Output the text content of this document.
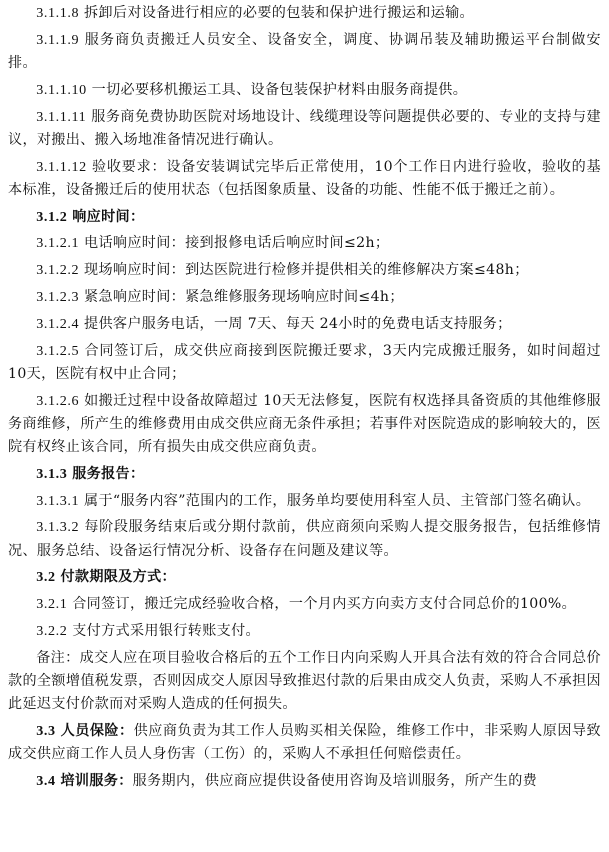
3.1.1.8 拆卸后对设备进行相应的必要的包装和保护进行搬运和运输。

3.1.1.9 服务商负责搬迁人员安全、设备安全，调度、协调吊装及辅助搬运平台制做安排。

3.1.1.10 一切必要移机搬运工具、设备包装保护材料由服务商提供。

3.1.1.11 服务商免费协助医院对场地设计、线缆理设等问题提供必要的、专业的支持与建议，对搬出、搬入场地准备情况进行确认。

3.1.1.12 验收要求：设备安装调试完毕后正常使用，10个工作日内进行验收，验收的基本标准，设备搬迁后的使用状态（包括图象质量、设备的功能、性能不低于搬迁之前）。

3.1.2 响应时间：

3.1.2.1 电话响应时间：接到报修电话后响应时间≤2h；

3.1.2.2 现场响应时间：到达医院进行检修并提供相关的维修解决方案≤48h；

3.1.2.3 紧急响应时间：紧急维修服务现场响应时间≤4h；

3.1.2.4 提供客户服务电话，一周 7天、每天 24小时的免费电话支持服务；

3.1.2.5 合同签订后，成交供应商接到医院搬迁要求，3天内完成搬迁服务，如时间超过 10天，医院有权中止合同；

3.1.2.6 如搬迁过程中设备故障超过 10天无法修复，医院有权选择具备资质的其他维修服务商维修，所产生的维修费用由成交供应商无条件承担；若事件对医院造成的影响较大的，医院有权终止该合同，所有损失由成交供应商负责。

3.1.3 服务报告：

3.1.3.1 属于“服务内容”范围内的工作，服务单均要使用科室人员、主管部门签名确认。

3.1.3.2 每阶段服务结束后或分期付款前，供应商须向采购人提交服务报告，包括维修情况、服务总结、设备运行情况分析、设备存在问题及建议等。

3.2 付款期限及方式：

3.2.1 合同签订，搬迁完成经验收合格，一个月内买方向卖方支付合同总价的100%。

3.2.2 支付方式采用银行转账支付。

备注：成交人应在项目验收合格后的五个工作日内向采购人开具合法有效的符合合同总价款的全额增值税发票，否则因成交人原因导致推迟付款的后果由成交人负责，采购人不承担因此延迟支付价款而对采购人造成的任何损失。

3.3 人员保险：供应商负责为其工作人员购买相关保险，维修工作中，非采购人原因导致成交供应商工作人员人身伤害（工伤）的，采购人不承担任何赔偿责任。

3.4 培训服务：服务期内，供应商应提供设备使用咨询及培训服务，所产生的费
